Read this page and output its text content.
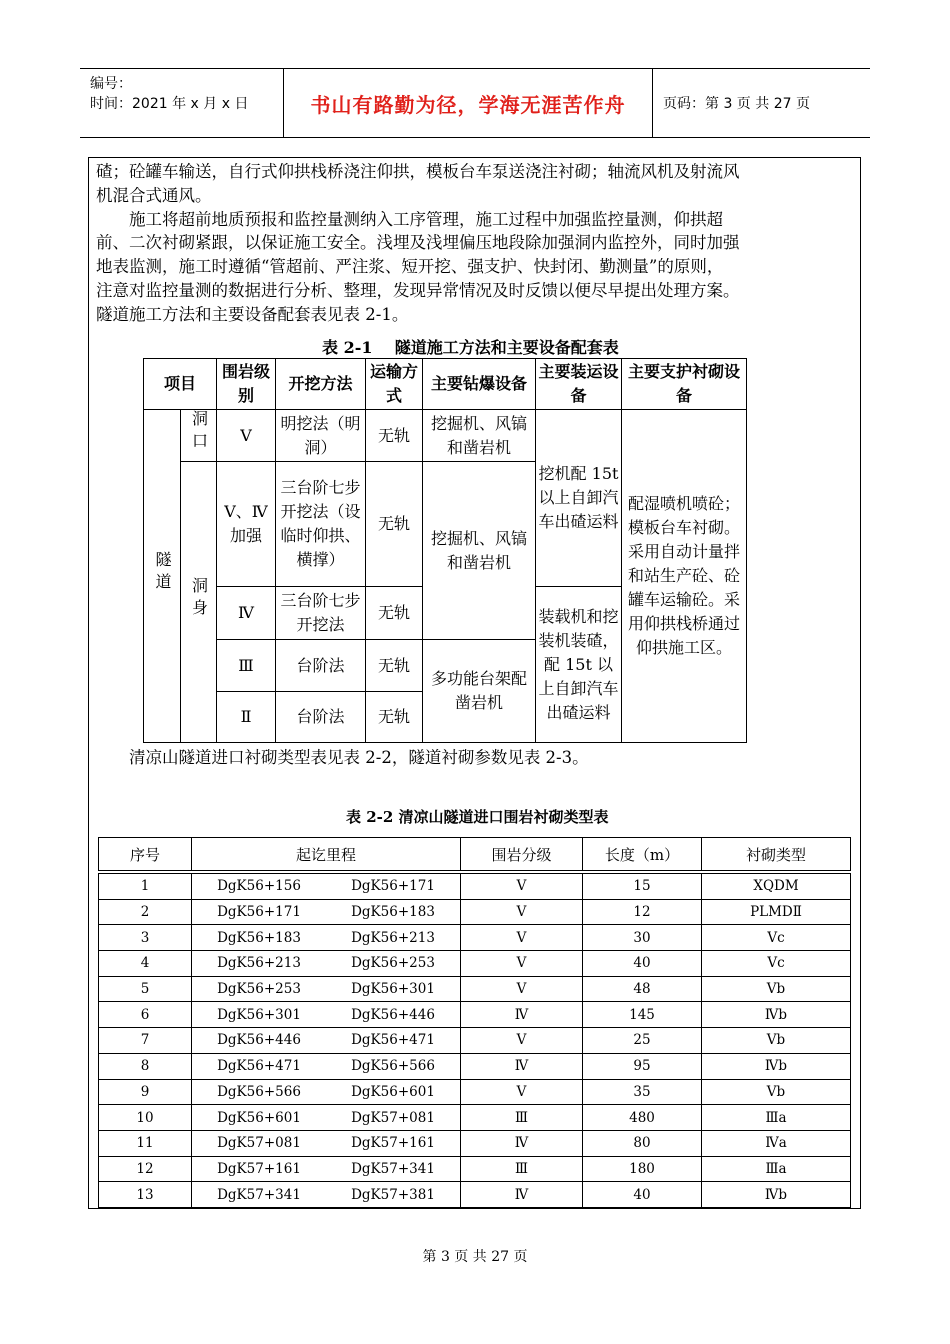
编号：
时间：2021 年 x 月 x 日	书山有路勤为径，学海无涯苦作舟	页码：第 3 页 共 27 页

碴；砼罐车输送，自行式仰拱栈桥浇注仰拱，模板台车泵送浇注衬砌；轴流风机及射流风

机混合式通风。

施工将超前地质预报和监控量测纳入工序管理，施工过程中加强监控量测，仰拱超

前、二次衬砌紧跟，以保证施工安全。浅埋及浅埋偏压地段除加强洞内监控外，同时加强

地表监测，施工时遵循“管超前、严注浆、短开挖、强支护、快封闭、勤测量”的原则，

注意对监控量测的数据进行分析、整理，发现异常情况及时反馈以便尽早提出处理方案。

隧道施工方法和主要设备配套表见表 2-1。

表 2-1    隧道施工方法和主要设备配套表
项目		围岩级别	开挖方法	运输方式	主要钻爆设备	主要装运设备	主要支护衬砌设备
隧道	洞口	Ⅴ	明挖法（明洞）	无轨	挖掘机、风镐和凿岩机	挖机配 15t 以上自卸汽车出碴运料	配湿喷机喷砼；模板台车衬砌。采用自动计量拌和站生产砼、砼罐车运输砼。采用仰拱栈桥通过仰拱施工区。
	洞身	Ⅴ、Ⅳ加强	三台阶七步开挖法（设临时仰拱、横撑）	无轨	挖掘机、风镐和凿岩机		
		Ⅳ	三台阶七步开挖法	无轨		装载机和挖装机装碴，配 15t 以上自卸汽车出碴运料	
		Ⅲ	台阶法	无轨	多功能台架配凿岩机		
		Ⅱ	台阶法	无轨			

清凉山隧道进口衬砌类型表见表 2-2，隧道衬砌参数见表 2-3。

表 2-2 清凉山隧道进口围岩衬砌类型表
序号	起讫里程	围岩分级	长度（m）	衬砌类型

1	DgK56+156 DgK56+171	Ⅴ	15	XQDM
2	DgK56+171 DgK56+183	Ⅴ	12	PLMDⅡ
3	DgK56+183 DgK56+213	Ⅴ	30	Ⅴc
4	DgK56+213 DgK56+253	Ⅴ	40	Ⅴc
5	DgK56+253 DgK56+301	Ⅴ	48	Ⅴb
6	DgK56+301 DgK56+446	Ⅳ	145	Ⅳb
7	DgK56+446 DgK56+471	Ⅴ	25	Ⅴb
8	DgK56+471 DgK56+566	Ⅳ	95	Ⅳb
9	DgK56+566 DgK56+601	Ⅴ	35	Ⅴb
10	DgK56+601 DgK57+081	Ⅲ	480	Ⅲa
11	DgK57+081 DgK57+161	Ⅳ	80	Ⅳa
12	DgK57+161 DgK57+341	Ⅲ	180	Ⅲa
13	DgK57+341 DgK57+381	Ⅳ	40	Ⅳb
第 3 页 共 27 页
